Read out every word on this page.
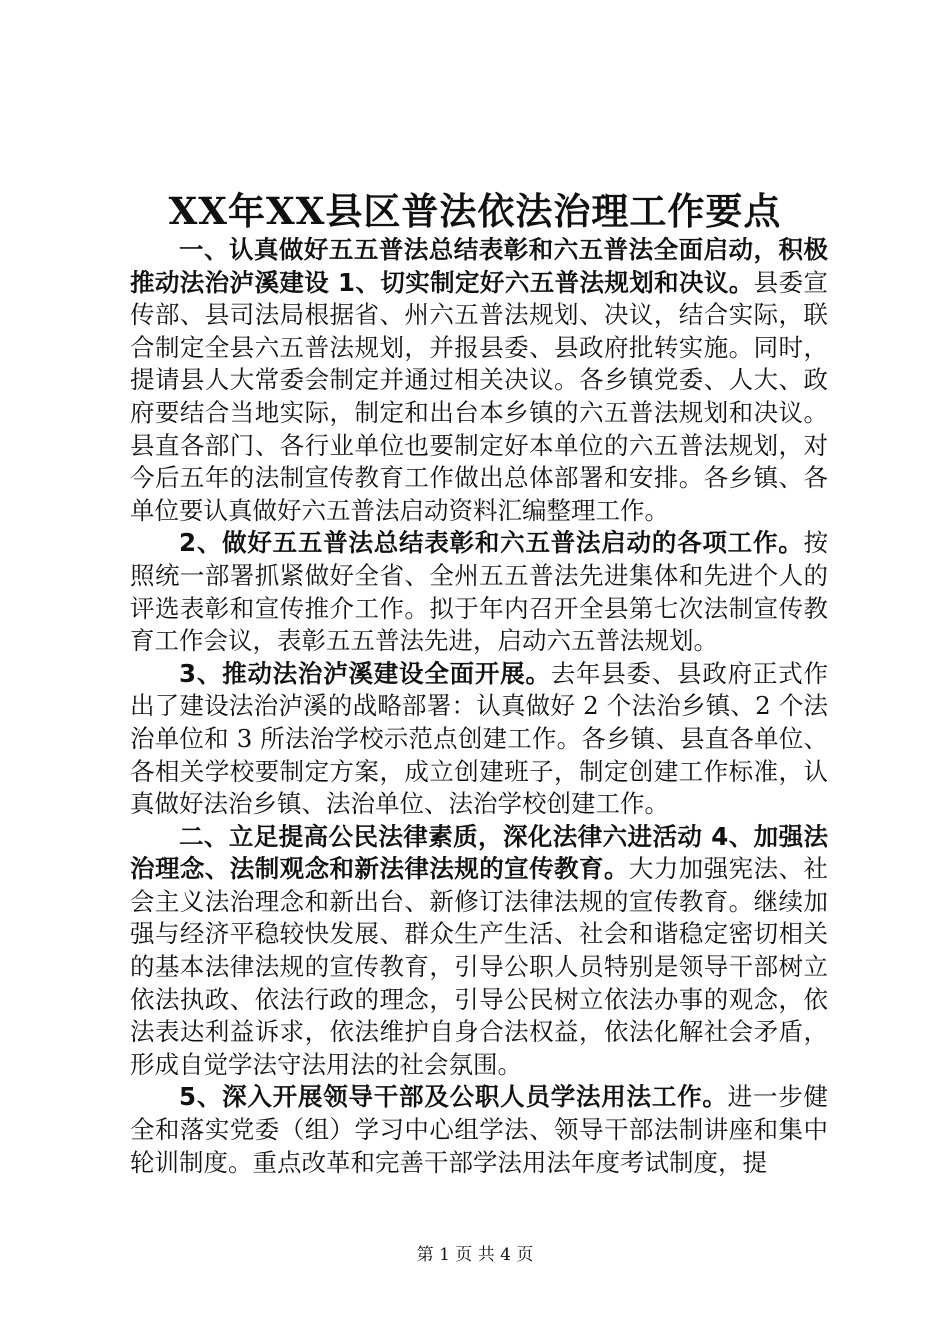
XX年XX县区普法依法治理工作要点

一、认真做好五五普法总结表彰和六五普法全面启动，积极推动法治泸溪建设 1、切实制定好六五普法规划和决议。县委宣传部、县司法局根据省、州六五普法规划、决议，结合实际，联合制定全县六五普法规划，并报县委、县政府批转实施。同时，提请县人大常委会制定并通过相关决议。各乡镇党委、人大、政府要结合当地实际，制定和出台本乡镇的六五普法规划和决议。县直各部门、各行业单位也要制定好本单位的六五普法规划，对今后五年的法制宣传教育工作做出总体部署和安排。各乡镇、各单位要认真做好六五普法启动资料汇编整理工作。

2、做好五五普法总结表彰和六五普法启动的各项工作。按照统一部署抓紧做好全省、全州五五普法先进集体和先进个人的评选表彰和宣传推介工作。拟于年内召开全县第七次法制宣传教育工作会议，表彰五五普法先进，启动六五普法规划。

3、推动法治泸溪建设全面开展。去年县委、县政府正式作出了建设法治泸溪的战略部署：认真做好 2 个法治乡镇、2 个法治单位和 3 所法治学校示范点创建工作。各乡镇、县直各单位、各相关学校要制定方案，成立创建班子，制定创建工作标准，认真做好法治乡镇、法治单位、法治学校创建工作。

二、立足提高公民法律素质，深化法律六进活动 4、加强法治理念、法制观念和新法律法规的宣传教育。大力加强宪法、社会主义法治理念和新出台、新修订法律法规的宣传教育。继续加强与经济平稳较快发展、群众生产生活、社会和谐稳定密切相关的基本法律法规的宣传教育，引导公职人员特别是领导干部树立依法执政、依法行政的理念，引导公民树立依法办事的观念，依法表达利益诉求，依法维护自身合法权益，依法化解社会矛盾，形成自觉学法守法用法的社会氛围。

5、深入开展领导干部及公职人员学法用法工作。进一步健全和落实党委（组）学习中心组学法、领导干部法制讲座和集中轮训制度。重点改革和完善干部学法用法年度考试制度，提

第 1 页 共 4 页
